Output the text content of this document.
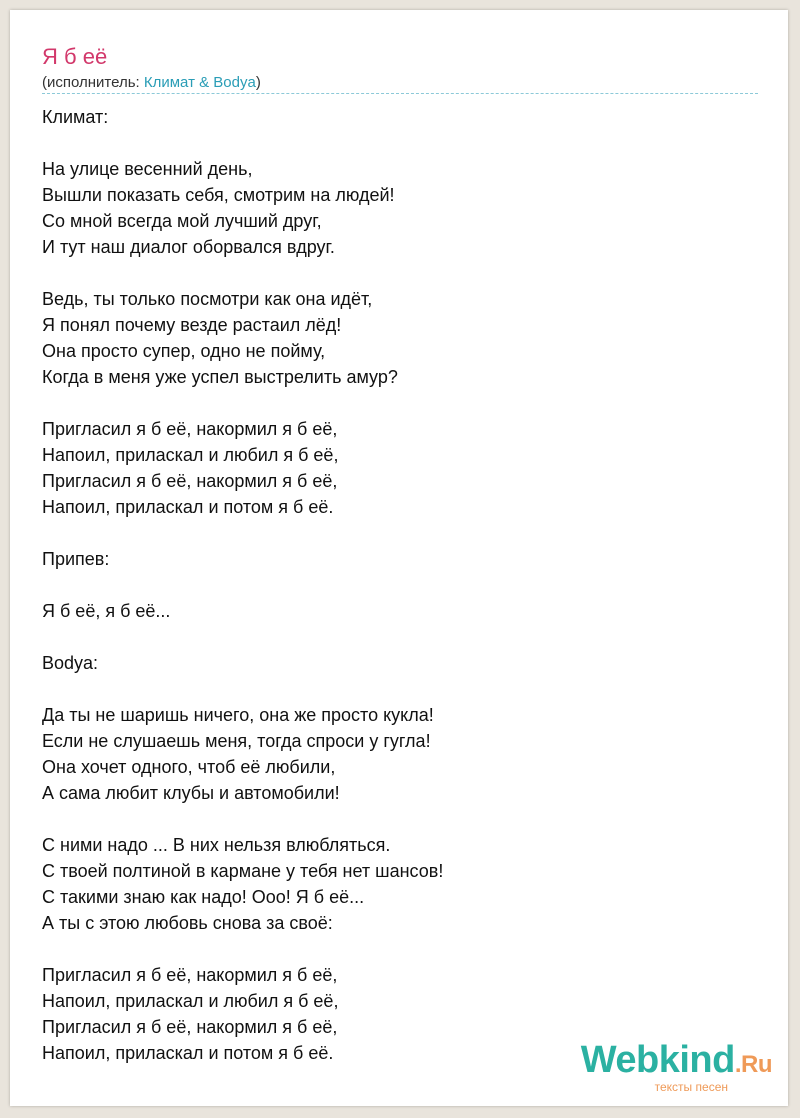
Я б её
(исполнитель: Климат & Bodya)
Климат:
На улице весенний день,
Вышли показать себя, смотрим на людей!
Со мной всегда мой лучший друг,
И тут наш диалог оборвался вдруг.
Ведь, ты только посмотри как она идёт,
Я понял почему везде растаил лёд!
Она просто супер, одно не пойму,
Когда в меня уже успел выстрелить амур?
Пригласил я б её, накормил я б её,
Напоил, приласкал и любил я б её,
Пригласил я б её, накормил я б её,
Напоил, приласкал и потом я б её.
Припев:
Я б её, я б её...
Bodya:
Да ты не шаришь ничего, она же просто кукла!
Если не слушаешь меня, тогда спроси у гугла!
Она хочет одного, чтоб её любили,
А сама любит клубы и автомобили!
С ними надо ... В них нельзя влюбляться.
С твоей полтиной в кармане у тебя нет шансов!
С такими знаю как надо! Ооо! Я б её...
А ты с этою любовь снова за своё:
Пригласил я б её, накормил я б её,
Напоил, приласкал и любил я б её,
Пригласил я б её, накормил я б её,
Напоил, приласкал и потом я б её.	Webkind.Ru
тексты песен
